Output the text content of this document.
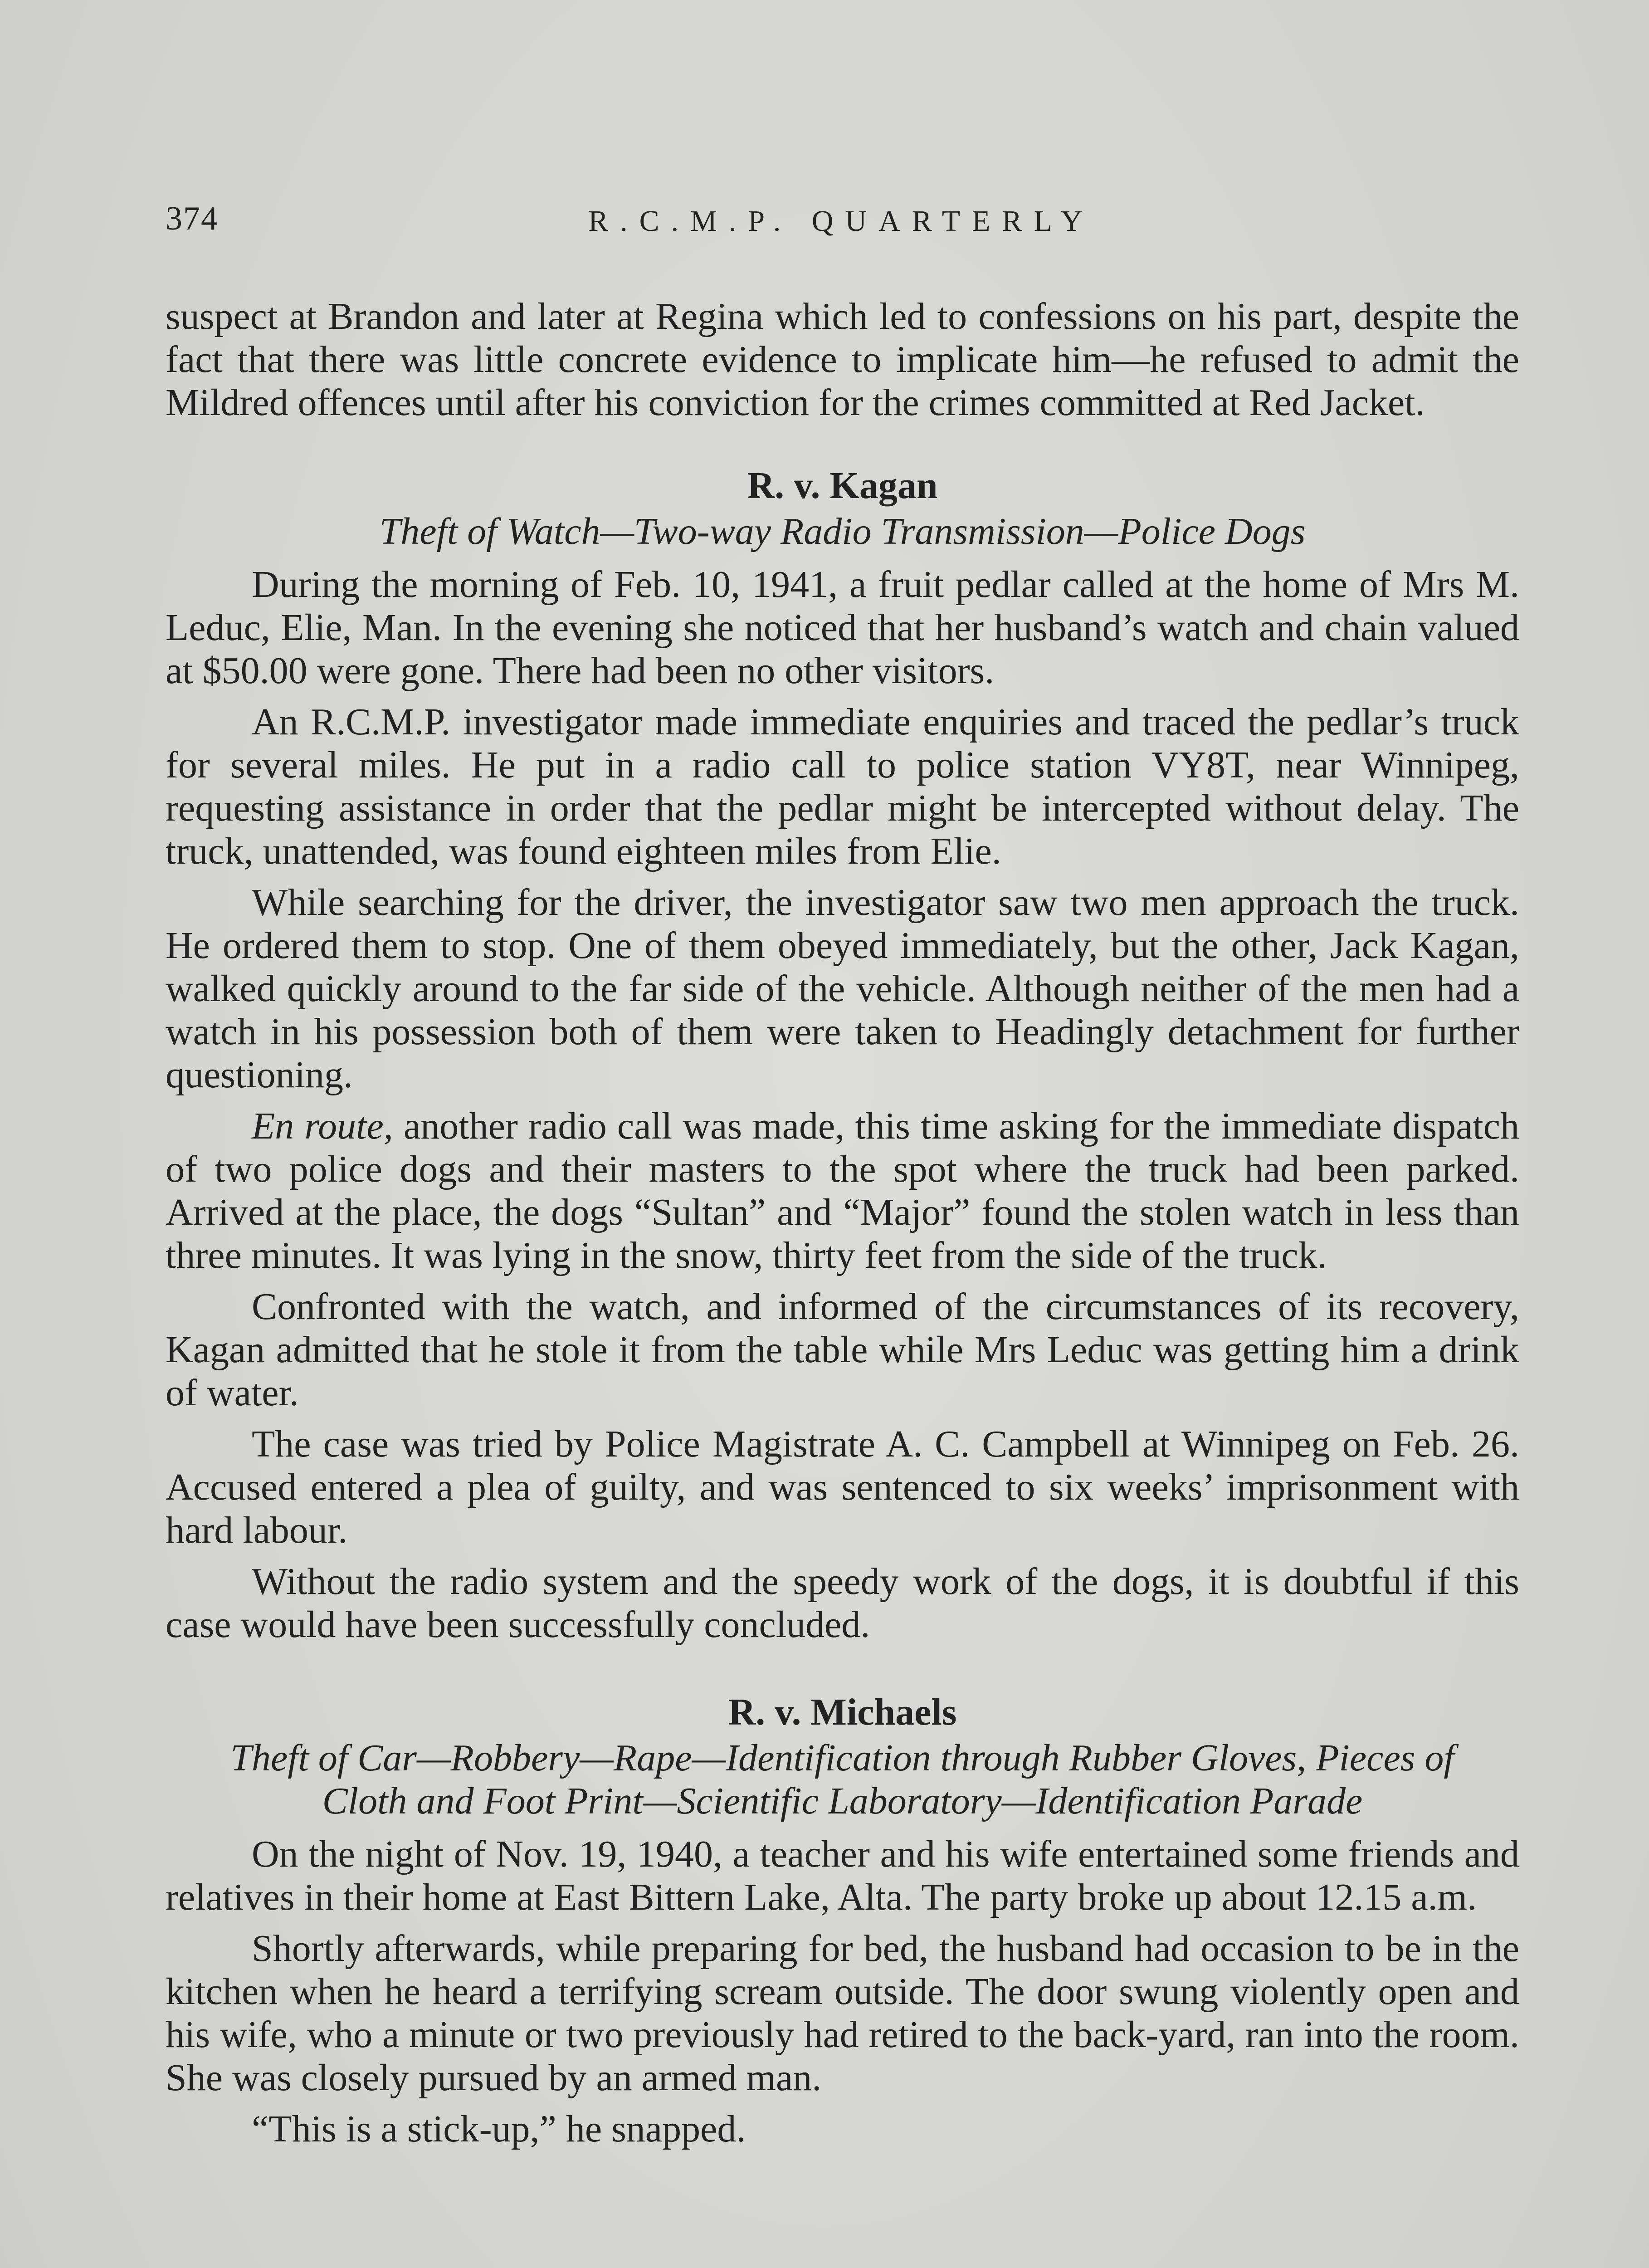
374	R.C.M.P. QUARTERLY

suspect at Brandon and later at Regina which led to confessions on his part, despite the fact that there was little concrete evidence to implicate him—he refused to admit the Mildred offences until after his conviction for the crimes committed at Red Jacket.

R. v. Kagan
Theft of Watch—Two-way Radio Transmission—Police Dogs

During the morning of Feb. 10, 1941, a fruit pedlar called at the home of Mrs M. Leduc, Elie, Man. In the evening she noticed that her husband’s watch and chain valued at $50.00 were gone. There had been no other visitors.

An R.C.M.P. investigator made immediate enquiries and traced the pedlar’s truck for several miles. He put in a radio call to police station VY8T, near Winnipeg, requesting assistance in order that the pedlar might be intercepted without delay. The truck, unattended, was found eighteen miles from Elie.

While searching for the driver, the investigator saw two men approach the truck. He ordered them to stop. One of them obeyed immediately, but the other, Jack Kagan, walked quickly around to the far side of the vehicle. Although neither of the men had a watch in his possession both of them were taken to Headingly detachment for further questioning.

En route, another radio call was made, this time asking for the immediate dispatch of two police dogs and their masters to the spot where the truck had been parked. Arrived at the place, the dogs “Sultan” and “Major” found the stolen watch in less than three minutes. It was lying in the snow, thirty feet from the side of the truck.

Confronted with the watch, and informed of the circumstances of its recovery, Kagan admitted that he stole it from the table while Mrs Leduc was getting him a drink of water.

The case was tried by Police Magistrate A. C. Campbell at Winnipeg on Feb. 26. Accused entered a plea of guilty, and was sentenced to six weeks’ imprisonment with hard labour.

Without the radio system and the speedy work of the dogs, it is doubtful if this case would have been successfully concluded.

R. v. Michaels
Theft of Car—Robbery—Rape—Identification through Rubber Gloves, Pieces of Cloth and Foot Print—Scientific Laboratory—Identification Parade

On the night of Nov. 19, 1940, a teacher and his wife entertained some friends and relatives in their home at East Bittern Lake, Alta. The party broke up about 12.15 a.m.

Shortly afterwards, while preparing for bed, the husband had occasion to be in the kitchen when he heard a terrifying scream outside. The door swung violently open and his wife, who a minute or two previously had retired to the back-yard, ran into the room. She was closely pursued by an armed man.

“This is a stick-up,” he snapped.
